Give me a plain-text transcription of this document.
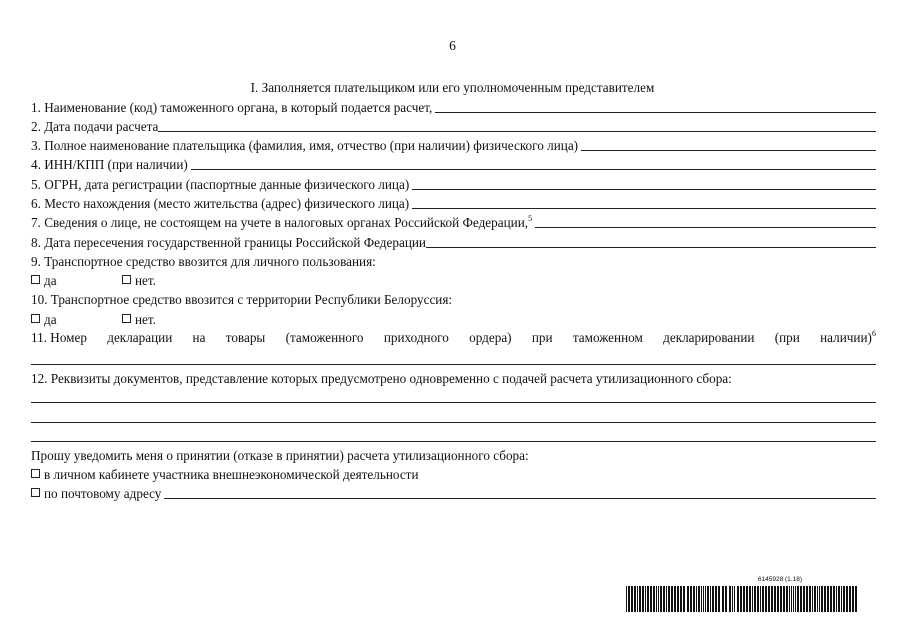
6
I. Заполняется плательщиком или его уполномоченным представителем
1. Наименование (код) таможенного органа, в который подается расчет,
2. Дата подачи расчета
3. Полное наименование плательщика (фамилия, имя, отчество (при наличии) физического лица)
4. ИНН/КПП (при наличии)
5. ОГРН, дата регистрации (паспортные данные физического лица)
6. Место нахождения (место жительства (адрес) физического лица)
7. Сведения о лице, не состоящем на учете в налоговых органах Российской Федерации,$^5$
8. Дата пересечения государственной границы Российской Федерации
9. Транспортное средство ввозится для личного пользования:
да	нет.
10. Транспортное средство ввозится с территории Республики Белоруссия:
да	нет.
11. Номер декларации на товары (таможенного приходного ордера) при таможенном декларировании (при наличии)$^6$
12. Реквизиты документов, представление которых предусмотрено одновременно с подачей расчета утилизационного сбора:
Прошу уведомить меня о принятии (отказе в принятии) расчета утилизационного сбора:
в личном кабинете участника внешнеэкономической деятельности
по почтовому адресу
6145928 (1.18)
